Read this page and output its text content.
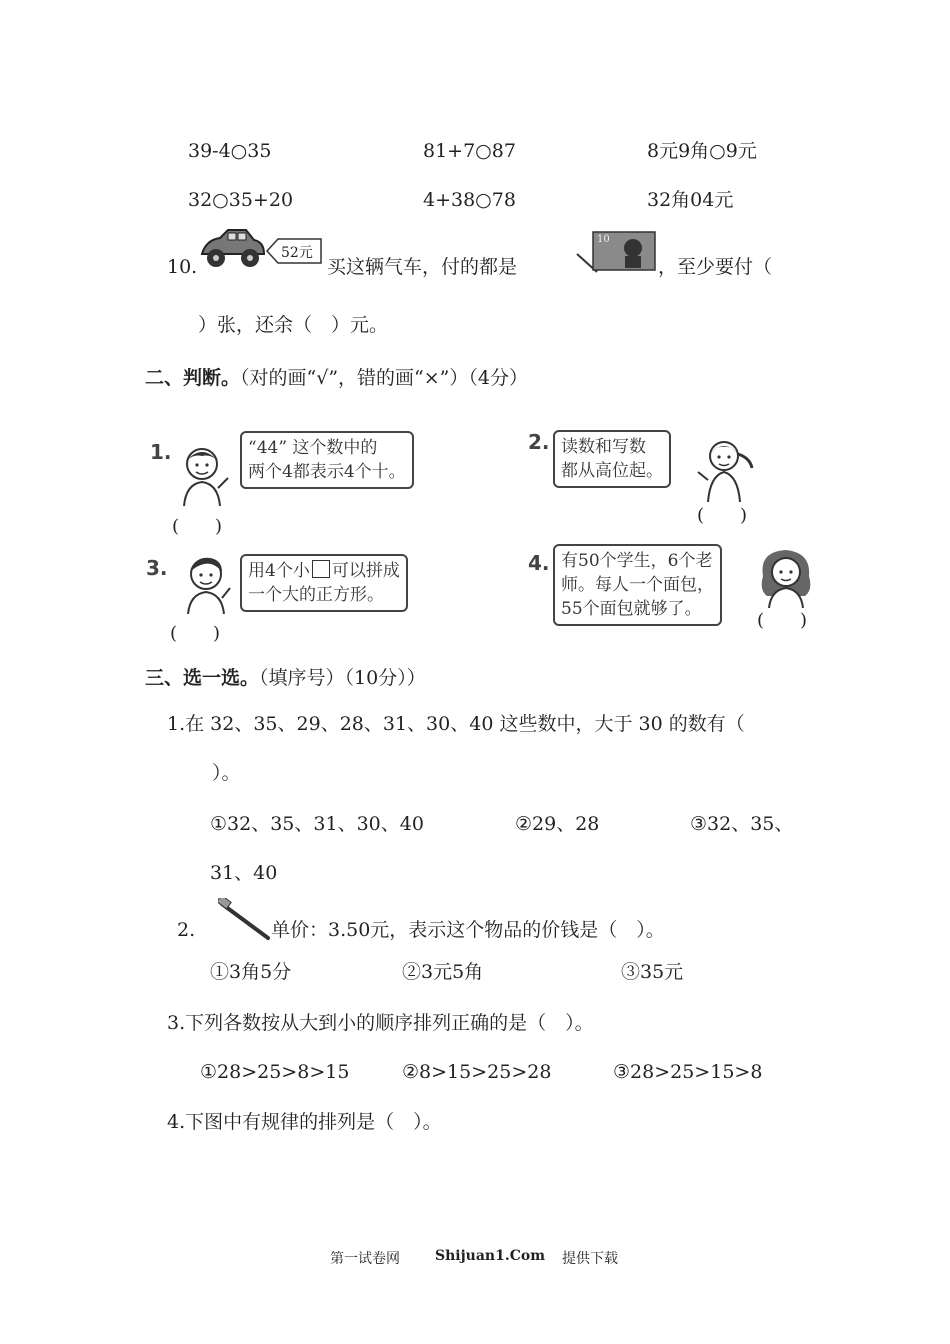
39-4○35	81+7○87	8元9角○9元
32○35+20	4+38○78	32角04元
10.
52元
买这辆气车，付的都是
10
，至少要付（
）张，还余（　）元。
二、判断。（对的画“√”，错的画“×”）（4分）
1.	“44” 这个数中的
两个4都表示4个十。
(　　)
2. 读数和写数
都从高位起。
(　　)
3.	用4个小 可以拼成
一个大的正方形。
(　　)
4. 有50个学生，6个老
师。每人一个面包，
55个面包就够了。
(　　)
三、选一选。（填序号）（10分））
1.在 32、35、29、28、31、30、40 这些数中，大于 30 的数有（
）。
①32、35、31、30、40	②29、28	③32、35、
31、40
2.	单价：3.50元，表示这个物品的价钱是（　）。
①3角5分	②3元5角	③35元
3.下列各数按从大到小的顺序排列正确的是（　）。
①28>25>8>15	②8>15>25>28	③28>25>15>8
4.下图中有规律的排列是（　）。
第一试卷网	Shijuan1.Com 提供下载
